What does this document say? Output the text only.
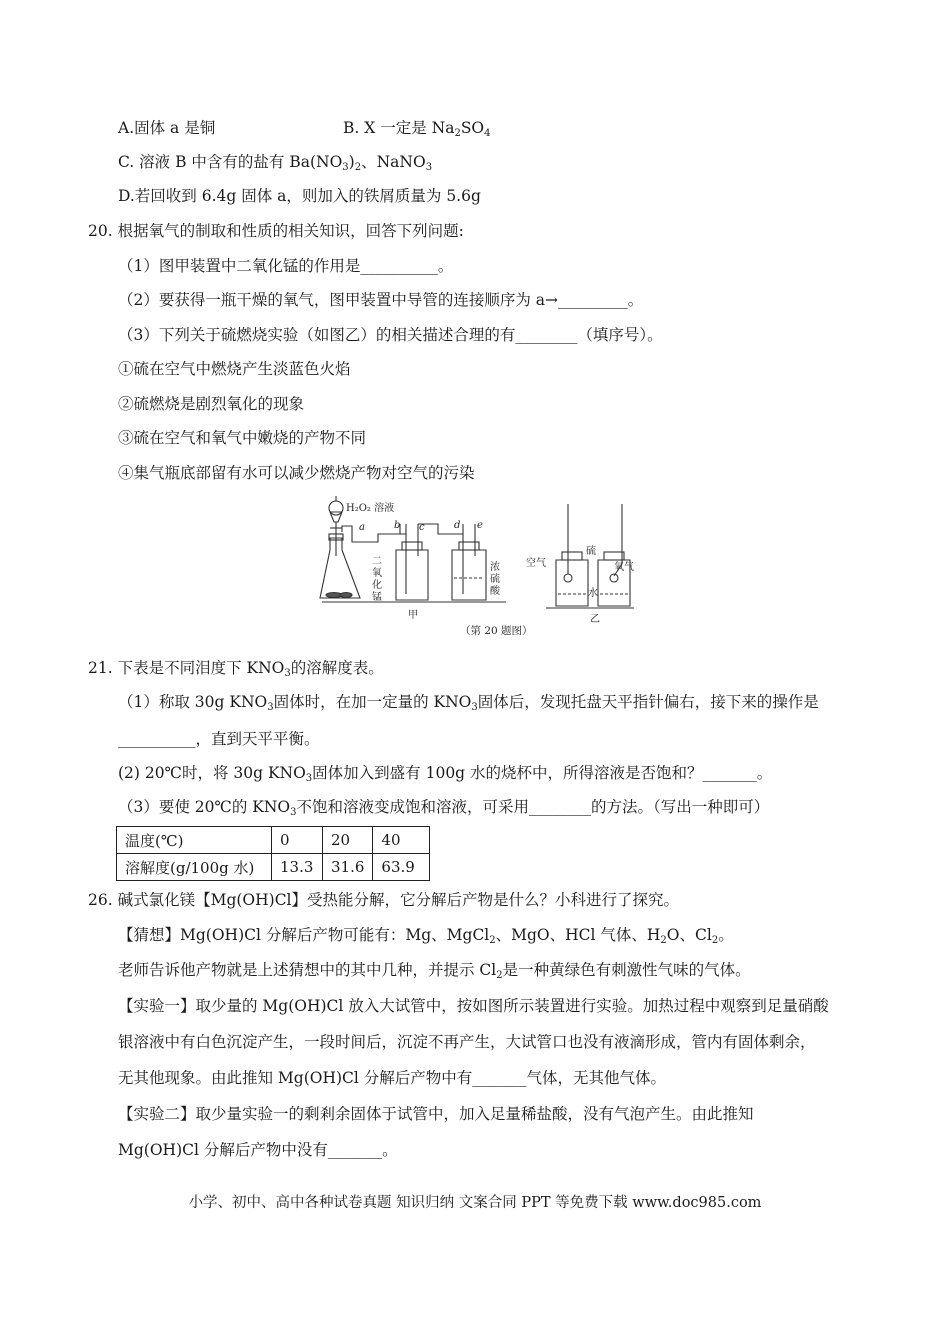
A.固体 a 是铜	B. X 一定是 $Na_2SO_4$
C. 溶液 B 中含有的盐有 $Ba(NO_3)_2$、NaNO$_3$
D.若回收到 6.4g 固体 a，则加入的铁屑质量为 5.6g
20. 根据氧气的制取和性质的相关知识，回答下列问题:
（1）图甲装置中二氧化锰的作用是__________。
（2）要获得一瓶干燥的氧气，图甲装置中导管的连接顺序为 a→_________。
（3）下列关于硫燃烧实验（如图乙）的相关描述合理的有________（填序号）。
①硫在空气中燃烧产生淡蓝色火焰
②硫燃烧是剧烈氧化的现象
③硫在空气和氧气中嫩烧的产物不同
④集气瓶底部留有水可以减少燃烧产物对空气的污染
H₂O₂ 溶液
a	b c	d e
二
氧
化
锰
浓
硫
酸
甲
空气
硫
氧气
水
乙
（第 20 题图）
21. 下表是不同泪度下 $KNO_3$的溶解度表。
（1）称取 30g $KNO_3$固体时，在加一定量的 $KNO_3$固体后，发现托盘天平指针偏右，接下来的操作是
__________，直到天平平衡。
(2) 20℃时，将 30g $KNO_3$固体加入到盛有 100g 水的烧杯中，所得溶液是否饱和？_______。
（3）要使 20℃的 $KNO_3$不饱和溶液变成饱和溶液，可采用________的方法。（写出一种即可）
温度(℃)	0	20	40
溶解度(g/100g 水)	13.3	31.6	63.9
26. 碱式氯化镁【Mg(OH)Cl】受热能分解，它分解后产物是什么？小科进行了探究。
【猜想】Mg(OH)Cl 分解后产物可能有：Mg、MgCl$_2$、MgO、HCl 气体、$H_2O$、$Cl_2$。
老师告诉他产物就是上述猜想中的其中几种，并提示 $Cl_2$是一种黄绿色有刺激性气味的气体。
【实验一】取少量的 Mg(OH)Cl 放入大试管中，按如图所示装置进行实验。加热过程中观察到足量硝酸
银溶液中有白色沉淀产生，一段时间后，沉淀不再产生，大试管口也没有液滴形成，管内有固体剩余，
无其他现象。由此推知 Mg(OH)Cl 分解后产物中有_______气体，无其他气体。
【实验二】取少量实验一的剩剎余固体于试管中，加入足量稀盐酸，没有气泡产生。由此推知
Mg(OH)Cl 分解后产物中没有_______。
小学、初中、高中各种试卷真题 知识归纳 文案合同 PPT 等免费下载 www.doc985.com
